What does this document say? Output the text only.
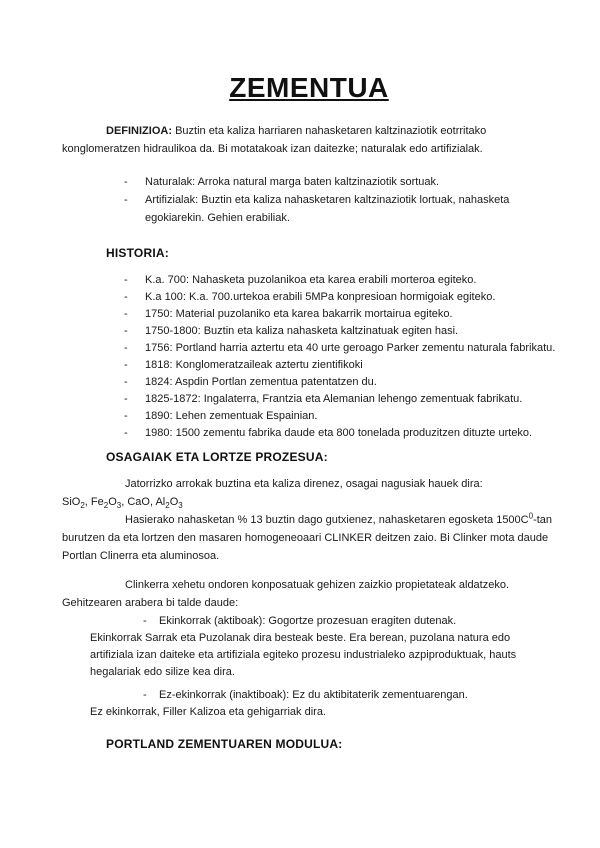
ZEMENTUA

DEFINIZIOA: Buztin eta kaliza harriaren nahasketaren kaltzinaziotik eotrritako konglomeratzen hidraulikoa da. Bi motatakoak izan daitezke; naturalak edo artifizialak.

-	Naturalak: Arroka natural marga baten kaltzinaziotik sortuak.
-	Artifizialak: Buztin eta kaliza nahasketaren kaltzinaziotik lortuak, nahasketa egokiarekin. Gehien erabiliak.
HISTORIA:
-	K.a. 700: Nahasketa puzolanikoa eta karea erabili morteroa egiteko.
-	K.a 100: K.a. 700.urtekoa erabili 5MPa konpresioan hormigoiak egiteko.
-	1750: Material puzolaniko eta karea bakarrik mortairua egiteko.
-	1750-1800: Buztin eta kaliza nahasketa kaltzinatuak egiten hasi.
-	1756: Portland harria aztertu eta 40 urte geroago Parker zementu naturala fabrikatu.
-	1818: Konglomeratzaileak aztertu zientifikoki
-	1824: Aspdin Portlan zementua patentatzen du.
-	1825-1872: Ingalaterra, Frantzia eta Alemanian lehengo zementuak fabrikatu.
-	1890: Lehen zementuak Espainian.
-	1980: 1500 zementu fabrika daude eta 800 tonelada produzitzen dituzte urteko.
OSAGAIAK ETA LORTZE PROZESUA:

Jatorrizko arrokak buztina eta kaliza direnez, osagai nagusiak hauek dira:

SiO$_2$, $Fe_2O_3$, CaO, $Al_2O_3$

Hasierako nahasketan % 13 buztin dago gutxienez, nahasketaren egosketa $1500C^0-\tan$ burutzen da eta lortzen den masaren homogeneoaari CLINKER deitzen zaio. Bi Clinker mota daude Portlan Clinerra eta aluminosoa.

Clinkerra xehetu ondoren konposatuak gehizen zaizkio propietateak aldatzeko. Gehitzearen arabera bi talde daude:

-	Ekinkorrak (aktiboak): Gogortze prozesuan eragiten dutenak.

Ekinkorrak Sarrak eta Puzolanak dira besteak beste. Era berean, puzolana natura edo artifiziala izan daiteke eta artifiziala egiteko prozesu industrialeko azpiproduktuak, hauts hegalariak edo silize kea dira.

-	Ez-ekinkorrak (inaktiboak): Ez du aktibitaterik zementuarengan.

Ez ekinkorrak, Filler Kalizoa eta gehigarriak dira.

PORTLAND ZEMENTUAREN MODULUA:
